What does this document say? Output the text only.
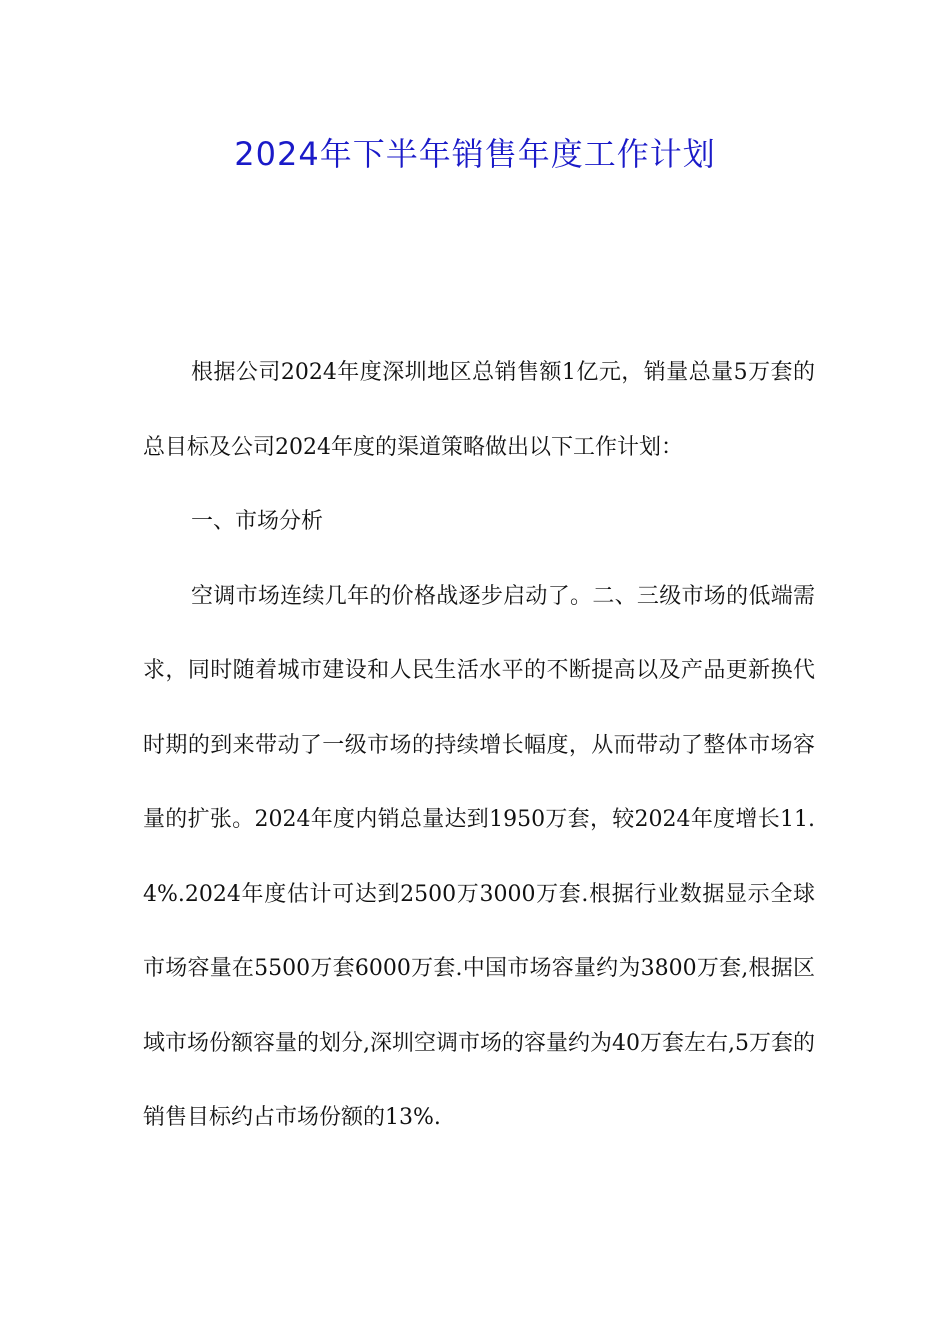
2024年下半年销售年度工作计划

根据公司2024年度深圳地区总销售额1亿元，销量总量5万套的总目标及公司2024年度的渠道策略做出以下工作计划：

一、市场分析

空调市场连续几年的价格战逐步启动了。二、三级市场的低端需求，同时随着城市建设和人民生活水平的不断提高以及产品更新换代时期的到来带动了一级市场的持续增长幅度，从而带动了整体市场容量的扩张。2024年度内销总量达到1950万套，较2024年度增长11.4%.2024年度估计可达到2500万3000万套.根据行业数据显示全球市场容量在5500万套6000万套.中国市场容量约为3800万套,根据区域市场份额容量的划分,深圳空调市场的容量约为40万套左右,5万套的销售目标约占市场份额的13%.
